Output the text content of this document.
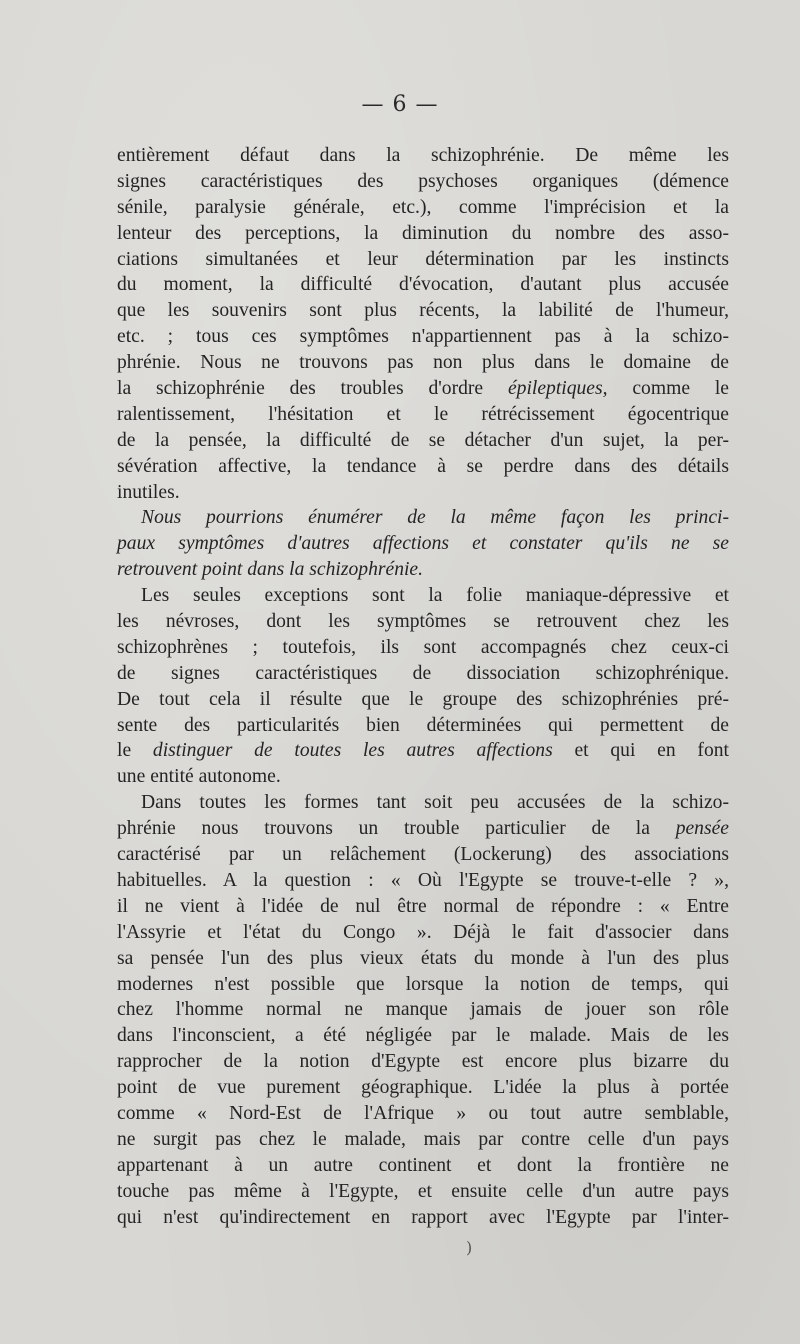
— 6 —
entièrement défaut dans la schizophrénie. De même les
signes caractéristiques des psychoses organiques (démence
sénile, paralysie générale, etc.), comme l'imprécision et la
lenteur des perceptions, la diminution du nombre des asso-
ciations simultanées et leur détermination par les instincts
du moment, la difficulté d'évocation, d'autant plus accusée
que les souvenirs sont plus récents, la labilité de l'humeur,
etc. ; tous ces symptômes n'appartiennent pas à la schizo-
phrénie. Nous ne trouvons pas non plus dans le domaine de
la schizophrénie des troubles d'ordre épileptiques, comme le
ralentissement, l'hésitation et le rétrécissement égocentrique
de la pensée, la difficulté de se détacher d'un sujet, la per-
sévération affective, la tendance à se perdre dans des détails
inutiles.
Nous pourrions énumérer de la même façon les princi-
paux symptômes d'autres affections et constater qu'ils ne se
retrouvent point dans la schizophrénie.
Les seules exceptions sont la folie maniaque-dépressive et
les névroses, dont les symptômes se retrouvent chez les
schizophrènes ; toutefois, ils sont accompagnés chez ceux-ci
de signes caractéristiques de dissociation schizophrénique.
De tout cela il résulte que le groupe des schizophrénies pré-
sente des particularités bien déterminées qui permettent de
le distinguer de toutes les autres affections et qui en font
une entité autonome.
Dans toutes les formes tant soit peu accusées de la schizo-
phrénie nous trouvons un trouble particulier de la pensée
caractérisé par un relâchement (Lockerung) des associations
habituelles. A la question : « Où l'Egypte se trouve-t-elle ? »,
il ne vient à l'idée de nul être normal de répondre : « Entre
l'Assyrie et l'état du Congo ». Déjà le fait d'associer dans
sa pensée l'un des plus vieux états du monde à l'un des plus
modernes n'est possible que lorsque la notion de temps, qui
chez l'homme normal ne manque jamais de jouer son rôle
dans l'inconscient, a été négligée par le malade. Mais de les
rapprocher de la notion d'Egypte est encore plus bizarre du
point de vue purement géographique. L'idée la plus à portée
comme « Nord-Est de l'Afrique » ou tout autre semblable,
ne surgit pas chez le malade, mais par contre celle d'un pays
appartenant à un autre continent et dont la frontière ne
touche pas même à l'Egypte, et ensuite celle d'un autre pays
qui n'est qu'indirectement en rapport avec l'Egypte par l'inter-
)
